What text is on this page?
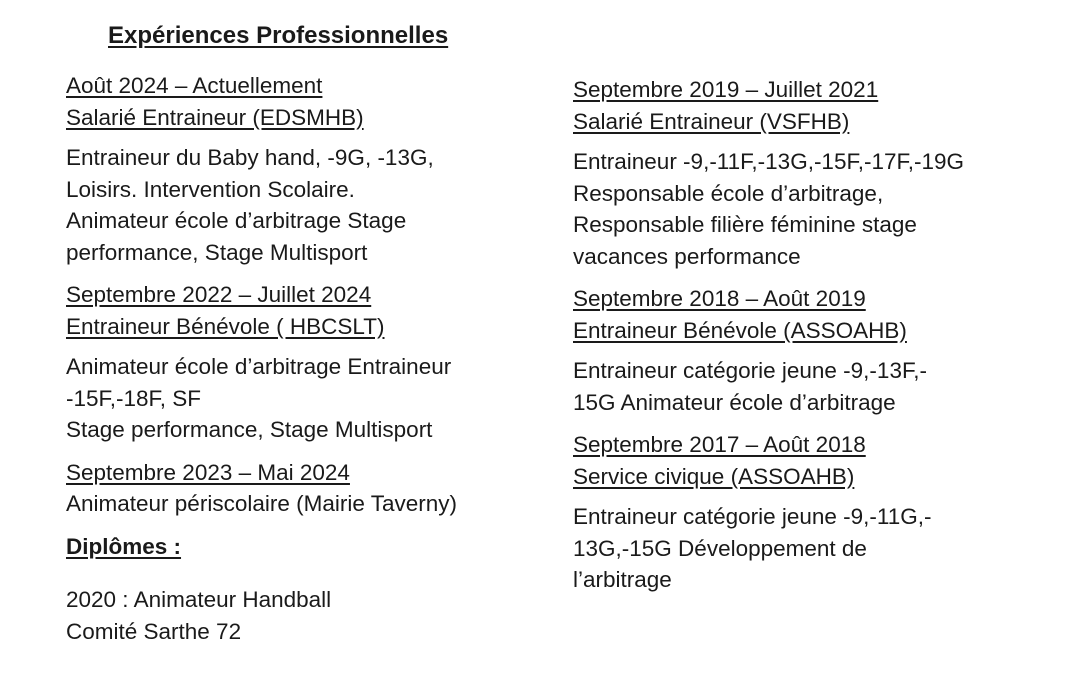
Expériences Professionnelles
Août 2024 – Actuellement
Salarié Entraineur (EDSMHB)
Entraineur du Baby hand, -9G, -13G,
Loisirs. Intervention Scolaire.
Animateur école d’arbitrage Stage
performance, Stage Multisport
Septembre 2022 – Juillet 2024
Entraineur Bénévole ( HBCSLT)
Animateur école d’arbitrage Entraineur
-15F,-18F, SF
Stage performance, Stage Multisport
Septembre 2023 – Mai 2024
Animateur périscolaire (Mairie Taverny)
Diplômes :
2020 : Animateur Handball
Comité Sarthe 72
Septembre 2019 – Juillet 2021
Salarié Entraineur (VSFHB)
Entraineur -9,-11F,-13G,-15F,-17F,-19G
Responsable école d’arbitrage,
Responsable filière féminine stage
vacances performance
Septembre 2018 – Août 2019
Entraineur Bénévole (ASSOAHB)
Entraineur catégorie jeune -9,-13F,-
15G Animateur école d’arbitrage
Septembre 2017 – Août 2018
Service civique (ASSOAHB)
Entraineur catégorie jeune -9,-11G,-
13G,-15G Développement de
l’arbitrage
